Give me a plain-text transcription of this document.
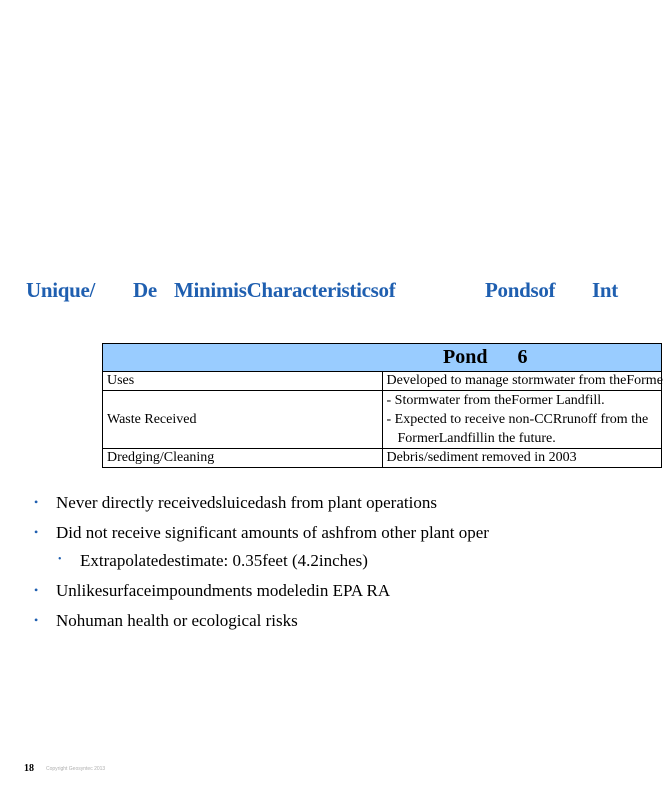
Unique/ De MinimisCharacteristicsof	Pondsof Int
Pond 6	
Uses	Developed to manage stormwater from theForme
Waste Received	- Stormwater from theFormer Landfill.
- Expected to receive non-CCRrunoff from the
FormerLandfillin the future.

Dredging/Cleaning	Debris/sediment removed in 2003
• Never directly receivedsluicedash from plant operations
• Did not receive significant amounts of ashfrom other plant oper
• Extrapolatedestimate: 0.35feet (4.2inches)
• Unlikesurfaceimpoundments modeledin EPA RA
• Nohuman health or ecological risks
18 Copyright Geosyntec 2013
